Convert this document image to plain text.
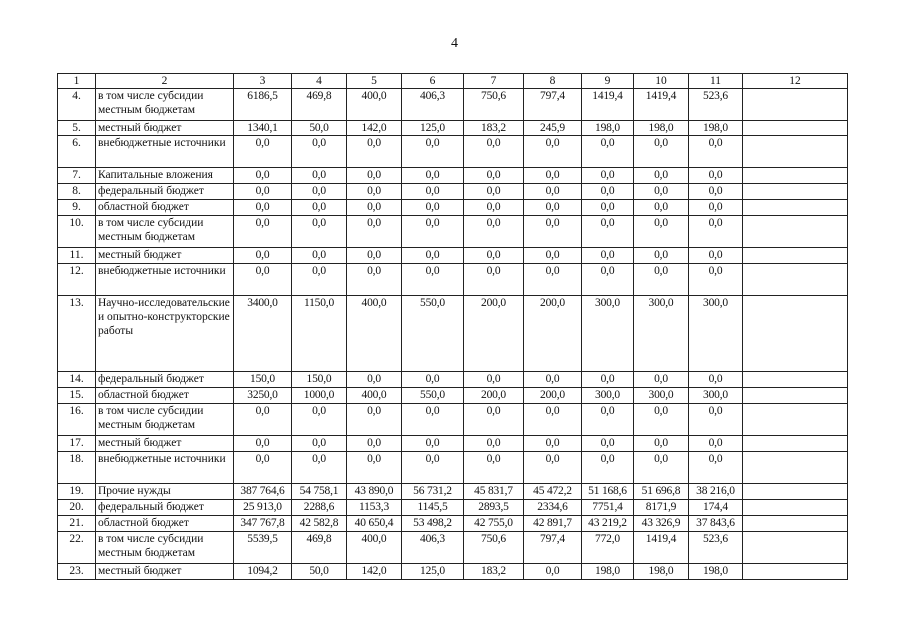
4
1	2	3	4	5	6	7	8	9	10	11	12
4.	в том числе субсидии местным бюджетам	6186,5	469,8	400,0	406,3	750,6	797,4	1419,4	1419,4	523,6	
5.	местный бюджет	1340,1	50,0	142,0	125,0	183,2	245,9	198,0	198,0	198,0	
6.	внебюджетные источники	0,0	0,0	0,0	0,0	0,0	0,0	0,0	0,0	0,0	
7.	Капитальные вложения	0,0	0,0	0,0	0,0	0,0	0,0	0,0	0,0	0,0	
8.	федеральный бюджет	0,0	0,0	0,0	0,0	0,0	0,0	0,0	0,0	0,0	
9.	областной бюджет	0,0	0,0	0,0	0,0	0,0	0,0	0,0	0,0	0,0	
10.	в том числе субсидии местным бюджетам	0,0	0,0	0,0	0,0	0,0	0,0	0,0	0,0	0,0	
11.	местный бюджет	0,0	0,0	0,0	0,0	0,0	0,0	0,0	0,0	0,0	
12.	внебюджетные источники	0,0	0,0	0,0	0,0	0,0	0,0	0,0	0,0	0,0	
13.	Научно-исследовательские и опытно-конструкторские работы	3400,0	1150,0	400,0	550,0	200,0	200,0	300,0	300,0	300,0	
14.	федеральный бюджет	150,0	150,0	0,0	0,0	0,0	0,0	0,0	0,0	0,0	
15.	областной бюджет	3250,0	1000,0	400,0	550,0	200,0	200,0	300,0	300,0	300,0	
16.	в том числе субсидии местным бюджетам	0,0	0,0	0,0	0,0	0,0	0,0	0,0	0,0	0,0	
17.	местный бюджет	0,0	0,0	0,0	0,0	0,0	0,0	0,0	0,0	0,0	
18.	внебюджетные источники	0,0	0,0	0,0	0,0	0,0	0,0	0,0	0,0	0,0	
19.	Прочие нужды	387 764,6	54 758,1	43 890,0	56 731,2	45 831,7	45 472,2	51 168,6	51 696,8	38 216,0	
20.	федеральный бюджет	25 913,0	2288,6	1153,3	1145,5	2893,5	2334,6	7751,4	8171,9	174,4	
21.	областной бюджет	347 767,8	42 582,8	40 650,4	53 498,2	42 755,0	42 891,7	43 219,2	43 326,9	37 843,6	
22.	в том числе субсидии местным бюджетам	5539,5	469,8	400,0	406,3	750,6	797,4	772,0	1419,4	523,6	
23.	местный бюджет	1094,2	50,0	142,0	125,0	183,2	0,0	198,0	198,0	198,0	
